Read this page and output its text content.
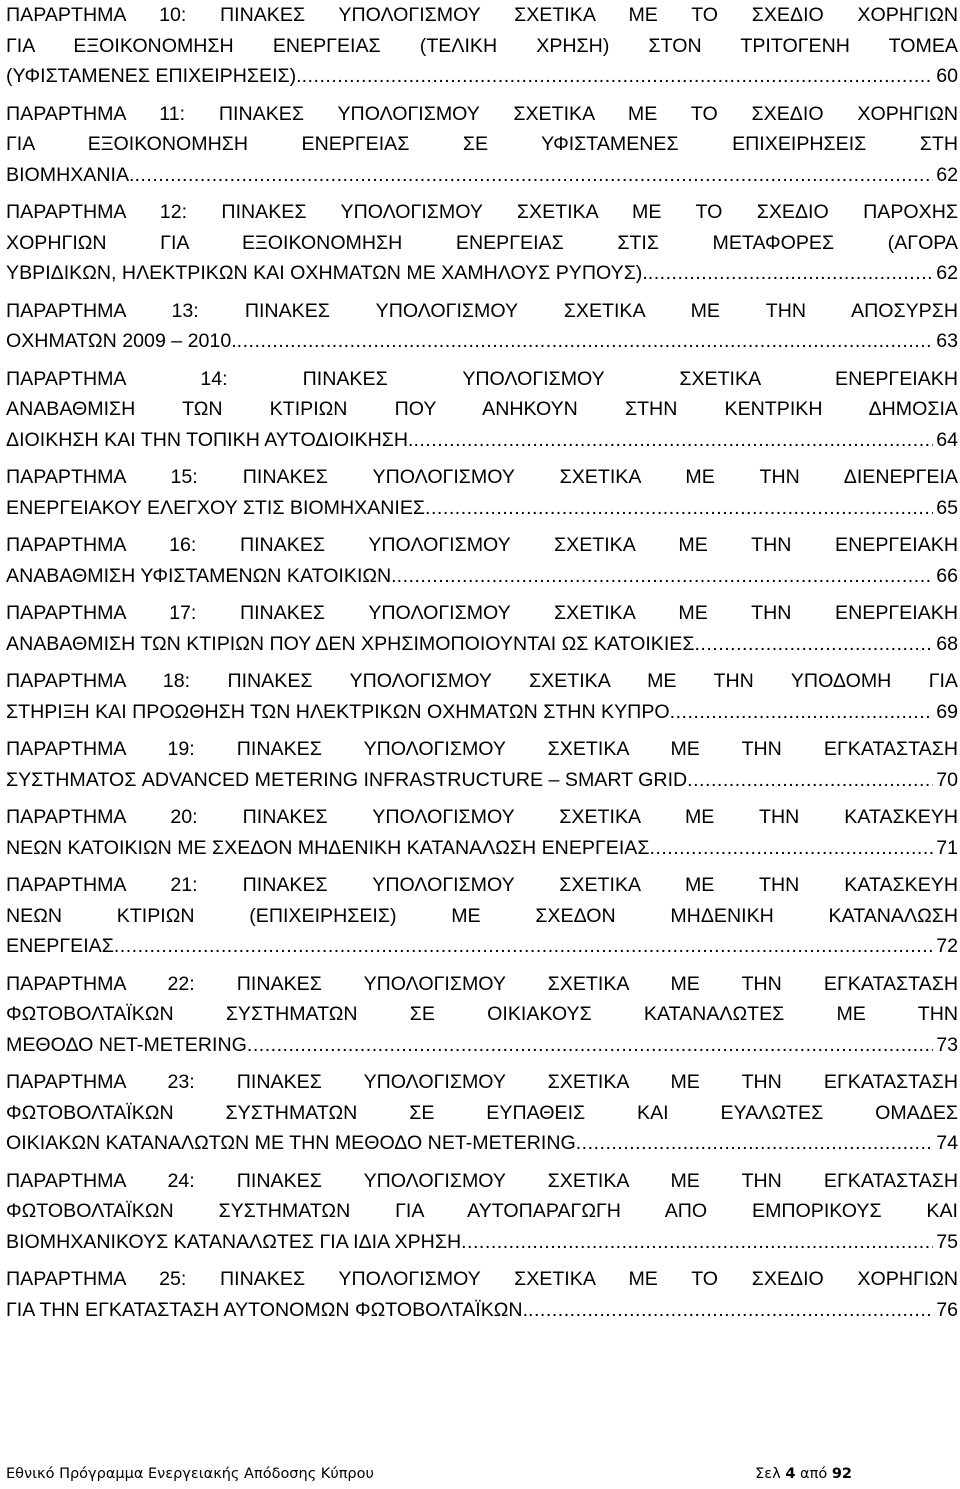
ΠΑΡΑΡΤΗΜΑ 10: ΠΙΝΑΚΕΣ ΥΠΟΛΟΓΙΣΜΟΥ ΣΧΕΤΙΚΑ ΜΕ ΤΟ ΣΧΕΔΙΟ ΧΟΡΗΓΙΩΝ
ΓΙΑ ΕΞΟΙΚΟΝΟΜΗΣΗ ΕΝΕΡΓΕΙΑΣ (ΤΕΛΙΚΗ ΧΡΗΣΗ) ΣΤΟΝ ΤΡΙΤΟΓΕΝΗ ΤΟΜΕΑ
(ΥΦΙΣΤΑΜΕΝΕΣ ΕΠΙΧΕΙΡΗΣΕΙΣ). .....	60
ΠΑΡΑΡΤΗΜΑ 11: ΠΙΝΑΚΕΣ ΥΠΟΛΟΓΙΣΜΟΥ ΣΧΕΤΙΚΑ ΜΕ ΤΟ ΣΧΕΔΙΟ ΧΟΡΗΓΙΩΝ
ΓΙΑ ΕΞΟΙΚΟΝΟΜΗΣΗ ΕΝΕΡΓΕΙΑΣ ΣΕ ΥΦΙΣΤΑΜΕΝΕΣ ΕΠΙΧΕΙΡΗΣΕΙΣ ΣΤΗ
ΒΙΟΜΗΧΑΝΙΑ. .....	62
ΠΑΡΑΡΤΗΜΑ 12: ΠΙΝΑΚΕΣ ΥΠΟΛΟΓΙΣΜΟΥ ΣΧΕΤΙΚΑ ΜΕ ΤΟ ΣΧΕΔΙΟ ΠΑΡΟΧΗΣ
ΧΟΡΗΓΙΩΝ ΓΙΑ ΕΞΟΙΚΟΝΟΜΗΣΗ ΕΝΕΡΓΕΙΑΣ ΣΤΙΣ ΜΕΤΑΦΟΡΕΣ (ΑΓΟΡΑ
ΥΒΡΙΔΙΚΩΝ, ΗΛΕΚΤΡΙΚΩΝ ΚΑΙ ΟΧΗΜΑΤΩΝ ΜΕ ΧΑΜΗΛΟΥΣ ΡΥΠΟΥΣ). .....	62
ΠΑΡΑΡΤΗΜΑ 13: ΠΙΝΑΚΕΣ ΥΠΟΛΟΓΙΣΜΟΥ ΣΧΕΤΙΚΑ ΜΕ ΤΗΝ ΑΠΟΣΥΡΣΗ
ΟΧΗΜΑΤΩΝ 2009 – 2010. .....	63
ΠΑΡΑΡΤΗΜΑ 14: ΠΙΝΑΚΕΣ ΥΠΟΛΟΓΙΣΜΟΥ ΣΧΕΤΙΚΑ ΕΝΕΡΓΕΙΑΚΗ
ΑΝΑΒΑΘΜΙΣΗ ΤΩΝ ΚΤΙΡΙΩΝ ΠΟΥ ΑΝΗΚΟΥΝ ΣΤΗΝ ΚΕΝΤΡΙΚΗ ΔΗΜΟΣΙΑ
ΔΙΟΙΚΗΣΗ ΚΑΙ ΤΗΝ ΤΟΠΙΚΗ ΑΥΤΟΔΙΟΙΚΗΣΗ. .....	64
ΠΑΡΑΡΤΗΜΑ 15: ΠΙΝΑΚΕΣ ΥΠΟΛΟΓΙΣΜΟΥ ΣΧΕΤΙΚΑ ΜΕ ΤΗΝ ΔΙΕΝΕΡΓΕΙΑ
ΕΝΕΡΓΕΙΑΚΟΥ ΕΛΕΓΧΟΥ ΣΤΙΣ ΒΙΟΜΗΧΑΝΙΕΣ .....	65
ΠΑΡΑΡΤΗΜΑ 16: ΠΙΝΑΚΕΣ ΥΠΟΛΟΓΙΣΜΟΥ ΣΧΕΤΙΚΑ ΜΕ ΤΗΝ ΕΝΕΡΓΕΙΑΚΗ
ΑΝΑΒΑΘΜΙΣΗ ΥΦΙΣΤΑΜΕΝΩΝ ΚΑΤΟΙΚΙΩΝ. .....	66
ΠΑΡΑΡΤΗΜΑ 17: ΠΙΝΑΚΕΣ ΥΠΟΛΟΓΙΣΜΟΥ ΣΧΕΤΙΚΑ ΜΕ ΤΗΝ ΕΝΕΡΓΕΙΑΚΗ
ΑΝΑΒΑΘΜΙΣΗ ΤΩΝ ΚΤΙΡΙΩΝ ΠΟΥ ΔΕΝ ΧΡΗΣΙΜΟΠΟΙΟΥΝΤΑΙ ΩΣ ΚΑΤΟΙΚΙΕΣ .....	68
ΠΑΡΑΡΤΗΜΑ 18: ΠΙΝΑΚΕΣ ΥΠΟΛΟΓΙΣΜΟΥ ΣΧΕΤΙΚΑ ΜΕ ΤΗΝ ΥΠΟΔΟΜΗ ΓΙΑ
ΣΤΗΡΙΞΗ ΚΑΙ ΠΡΟΩΘΗΣΗ ΤΩΝ ΗΛΕΚΤΡΙΚΩΝ ΟΧΗΜΑΤΩΝ ΣΤΗΝ ΚΥΠΡΟ .....	69
ΠΑΡΑΡΤΗΜΑ 19: ΠΙΝΑΚΕΣ ΥΠΟΛΟΓΙΣΜΟΥ ΣΧΕΤΙΚΑ ΜΕ ΤΗΝ ΕΓΚΑΤΑΣΤΑΣΗ
ΣΥΣΤΗΜΑΤΟΣ ADVANCED METERING INFRASTRUCTURE – SMART GRID .....	70
ΠΑΡΑΡΤΗΜΑ 20: ΠΙΝΑΚΕΣ ΥΠΟΛΟΓΙΣΜΟΥ ΣΧΕΤΙΚΑ ΜΕ ΤΗΝ ΚΑΤΑΣΚΕΥΗ
ΝΕΩΝ ΚΑΤΟΙΚΙΩΝ ΜΕ ΣΧΕΔΟΝ ΜΗΔΕΝΙΚΗ ΚΑΤΑΝΑΛΩΣΗ ΕΝΕΡΓΕΙΑΣ .....	71
ΠΑΡΑΡΤΗΜΑ 21: ΠΙΝΑΚΕΣ ΥΠΟΛΟΓΙΣΜΟΥ ΣΧΕΤΙΚΑ ΜΕ ΤΗΝ ΚΑΤΑΣΚΕΥΗ
ΝΕΩΝ ΚΤΙΡΙΩΝ (ΕΠΙΧΕΙΡΗΣΕΙΣ) ΜΕ ΣΧΕΔΟΝ ΜΗΔΕΝΙΚΗ ΚΑΤΑΝΑΛΩΣΗ
ΕΝΕΡΓΕΙΑΣ .....	72
ΠΑΡΑΡΤΗΜΑ 22: ΠΙΝΑΚΕΣ ΥΠΟΛΟΓΙΣΜΟΥ ΣΧΕΤΙΚΑ ΜΕ ΤΗΝ ΕΓΚΑΤΑΣΤΑΣΗ
ΦΩΤΟΒΟΛΤΑΪΚΩΝ ΣΥΣΤΗΜΑΤΩΝ ΣΕ ΟΙΚΙΑΚΟΥΣ ΚΑΤΑΝΑΛΩΤΕΣ ΜΕ ΤΗΝ
ΜΕΘΟΔΟ NET-METERING .....	73
ΠΑΡΑΡΤΗΜΑ 23: ΠΙΝΑΚΕΣ ΥΠΟΛΟΓΙΣΜΟΥ ΣΧΕΤΙΚΑ ΜΕ ΤΗΝ ΕΓΚΑΤΑΣΤΑΣΗ
ΦΩΤΟΒΟΛΤΑΪΚΩΝ ΣΥΣΤΗΜΑΤΩΝ ΣΕ ΕΥΠΑΘΕΙΣ ΚΑΙ ΕΥΑΛΩΤΕΣ ΟΜΑΔΕΣ
ΟΙΚΙΑΚΩΝ ΚΑΤΑΝΑΛΩΤΩΝ ΜΕ ΤΗΝ ΜΕΘΟΔΟ NET-METERING .....	74
ΠΑΡΑΡΤΗΜΑ 24: ΠΙΝΑΚΕΣ ΥΠΟΛΟΓΙΣΜΟΥ ΣΧΕΤΙΚΑ ΜΕ ΤΗΝ ΕΓΚΑΤΑΣΤΑΣΗ
ΦΩΤΟΒΟΛΤΑΪΚΩΝ ΣΥΣΤΗΜΑΤΩΝ ΓΙΑ ΑΥΤΟΠΑΡΑΓΩΓΗ ΑΠΟ ΕΜΠΟΡΙΚΟΥΣ ΚΑΙ
ΒΙΟΜΗΧΑΝΙΚΟΥΣ ΚΑΤΑΝΑΛΩΤΕΣ ΓΙΑ ΙΔΙΑ ΧΡΗΣΗ .....	75
ΠΑΡΑΡΤΗΜΑ 25: ΠΙΝΑΚΕΣ ΥΠΟΛΟΓΙΣΜΟΥ ΣΧΕΤΙΚΑ ΜΕ ΤΟ ΣΧΕΔΙΟ ΧΟΡΗΓΙΩΝ
ΓΙΑ ΤΗΝ ΕΓΚΑΤΑΣΤΑΣΗ ΑΥΤΟΝΟΜΩΝ ΦΩΤΟΒΟΛΤΑΪΚΩΝ. .....	76
Εθνικό Πρόγραμμα Ενεργειακής Απόδοσης Κύπρου	Σελ 4 από 92
